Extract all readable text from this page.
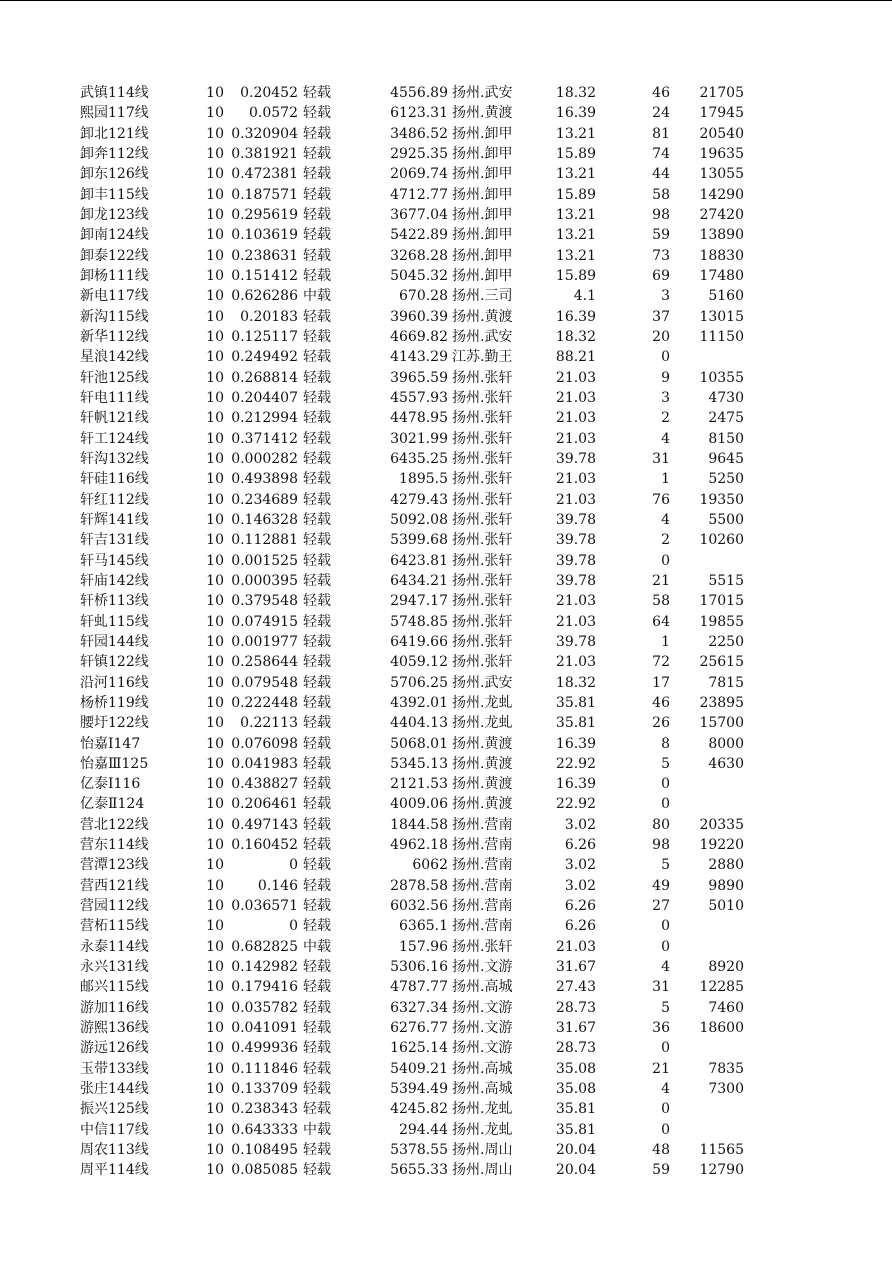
武镇114线	10	0.20452 轻载	4556.89 扬州.武安	18.32	46	21705
熙园117线	10	0.0572 轻载	6123.31 扬州.黄渡	16.39	24	17945
卸北121线	10 0.320904 轻载	3486.52 扬州.卸甲	13.21	81	20540
卸奔112线	10 0.381921 轻载	2925.35 扬州.卸甲	15.89	74	19635
卸东126线	10 0.472381 轻载	2069.74 扬州.卸甲	13.21	44	13055
卸丰115线	10 0.187571 轻载	4712.77 扬州.卸甲	15.89	58	14290
卸龙123线	10 0.295619 轻载	3677.04 扬州.卸甲	13.21	98	27420
卸南124线	10 0.103619 轻载	5422.89 扬州.卸甲	13.21	59	13890
卸泰122线	10 0.238631 轻载	3268.28 扬州.卸甲	13.21	73	18830
卸杨111线	10 0.151412 轻载	5045.32 扬州.卸甲	15.89	69	17480
新电117线	10 0.626286 中载	670.28 扬州.三司	4.1	3	5160
新沟115线	10	0.20183 轻载	3960.39 扬州.黄渡	16.39	37	13015
新华112线	10 0.125117 轻载	4669.82 扬州.武安	18.32	20	11150
星浪142线	10 0.249492 轻载	4143.29 江苏.勤王	88.21	0
轩池125线	10 0.268814 轻载	3965.59 扬州.张轩	21.03	9	10355
轩电111线	10 0.204407 轻载	4557.93 扬州.张轩	21.03	3	4730
轩帆121线	10 0.212994 轻载	4478.95 扬州.张轩	21.03	2	2475
轩工124线	10 0.371412 轻载	3021.99 扬州.张轩	21.03	4	8150
轩沟132线	10 0.000282 轻载	6435.25 扬州.张轩	39.78	31	9645
轩硅116线	10 0.493898 轻载	1895.5 扬州.张轩	21.03	1	5250
轩红112线	10 0.234689 轻载	4279.43 扬州.张轩	21.03	76	19350
轩辉141线	10 0.146328 轻载	5092.08 扬州.张轩	39.78	4	5500
轩吉131线	10 0.112881 轻载	5399.68 扬州.张轩	39.78	2	10260
轩马145线	10 0.001525 轻载	6423.81 扬州.张轩	39.78	0
轩庙142线	10 0.000395 轻载	6434.21 扬州.张轩	39.78	21	5515
轩桥113线	10 0.379548 轻载	2947.17 扬州.张轩	21.03	58	17015
轩虬115线	10 0.074915 轻载	5748.85 扬州.张轩	21.03	64	19855
轩园144线	10 0.001977 轻载	6419.66 扬州.张轩	39.78	1	2250
轩镇122线	10 0.258644 轻载	4059.12 扬州.张轩	21.03	72	25615
沿河116线	10 0.079548 轻载	5706.25 扬州.武安	18.32	17	7815
杨桥119线	10 0.222448 轻载	4392.01 扬州.龙虬	35.81	46	23895
腰圩122线	10	0.22113 轻载	4404.13 扬州.龙虬	35.81	26	15700
怡嘉Ⅰ147	10 0.076098 轻载	5068.01 扬州.黄渡	16.39	8	8000
怡嘉Ⅲ125	10 0.041983 轻载	5345.13 扬州.黄渡	22.92	5	4630
亿泰Ⅰ116	10 0.438827 轻载	2121.53 扬州.黄渡	16.39	0
亿泰Ⅱ124	10 0.206461 轻载	4009.06 扬州.黄渡	22.92	0
营北122线	10 0.497143 轻载	1844.58 扬州.营南	3.02	80	20335
营东114线	10 0.160452 轻载	4962.18 扬州.营南	6.26	98	19220
营潭123线	10	0 轻载	6062 扬州.营南	3.02	5	2880
营西121线	10	0.146 轻载	2878.58 扬州.营南	3.02	49	9890
营园112线	10 0.036571 轻载	6032.56 扬州.营南	6.26	27	5010
营柘115线	10	0 轻载	6365.1 扬州.营南	6.26	0
永泰114线	10 0.682825 中载	157.96 扬州.张轩	21.03	0
永兴131线	10 0.142982 轻载	5306.16 扬州.文游	31.67	4	8920
邮兴115线	10 0.179416 轻载	4787.77 扬州.高城	27.43	31	12285
游加116线	10 0.035782 轻载	6327.34 扬州.文游	28.73	5	7460
游熙136线	10 0.041091 轻载	6276.77 扬州.文游	31.67	36	18600
游远126线	10 0.499936 轻载	1625.14 扬州.文游	28.73	0
玉带133线	10 0.111846 轻载	5409.21 扬州.高城	35.08	21	7835
张庄144线	10 0.133709 轻载	5394.49 扬州.高城	35.08	4	7300
振兴125线	10 0.238343 轻载	4245.82 扬州.龙虬	35.81	0
中信117线	10 0.643333 中载	294.44 扬州.龙虬	35.81	0
周农113线	10 0.108495 轻载	5378.55 扬州.周山	20.04	48	11565
周平114线	10 0.085085 轻载	5655.33 扬州.周山	20.04	59	12790
